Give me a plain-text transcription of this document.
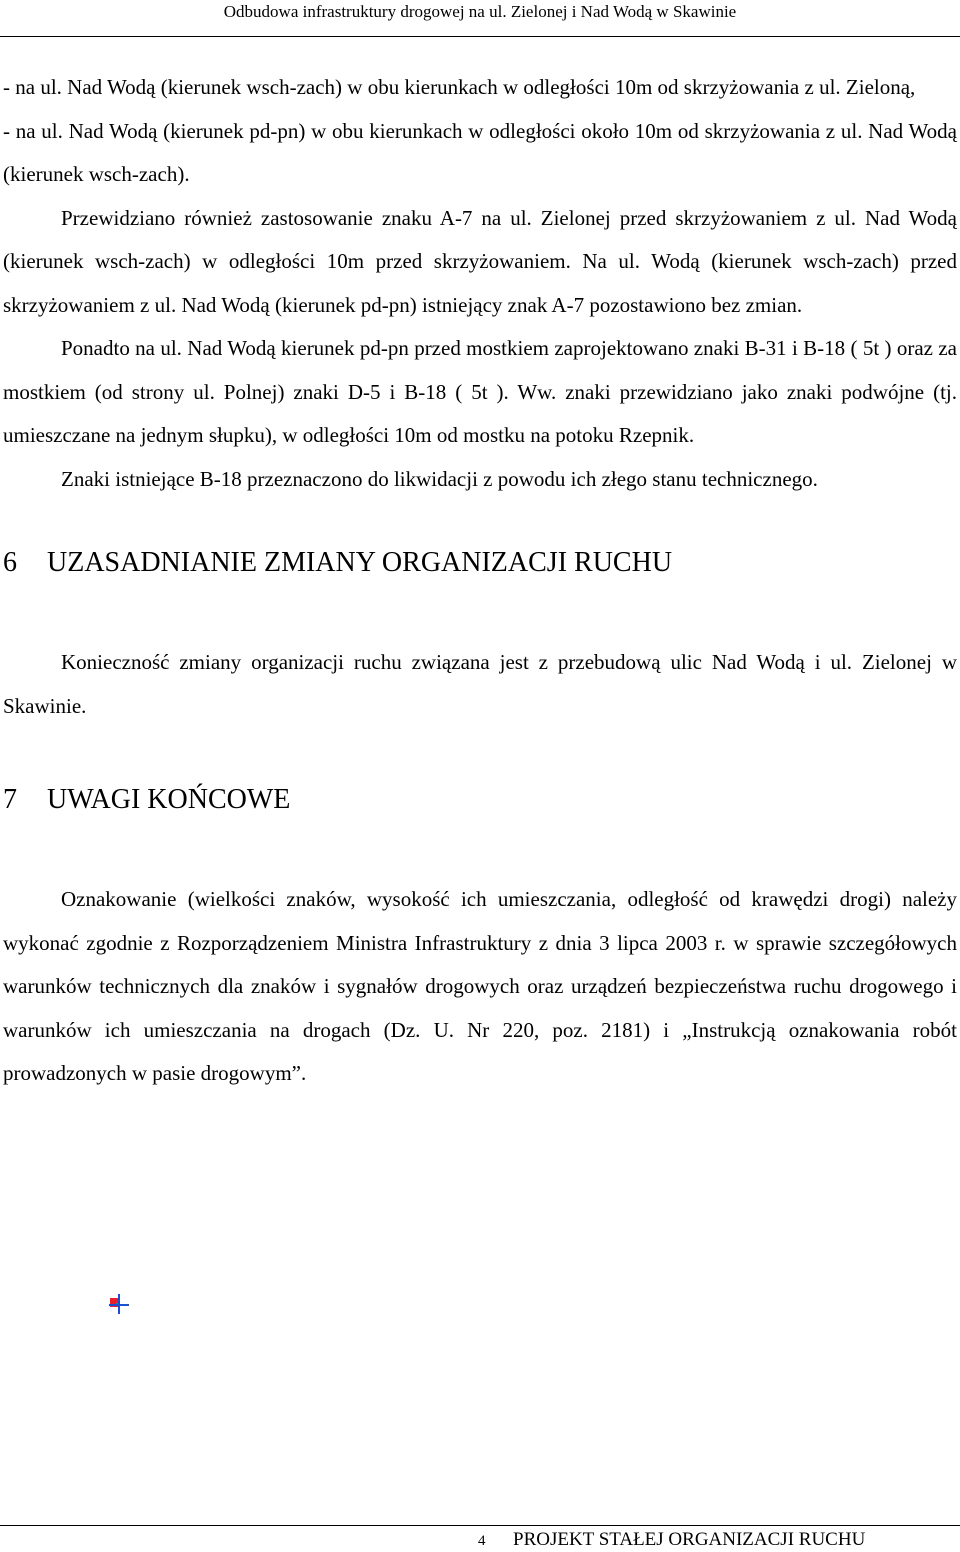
Odbudowa infrastruktury drogowej na ul. Zielonej i Nad Wodą w Skawinie

- na ul. Nad Wodą (kierunek wsch-zach) w obu kierunkach w odległości 10m od skrzyżowania z ul. Zieloną,

- na ul. Nad Wodą (kierunek pd-pn) w obu kierunkach w odległości około 10m od skrzyżowania z ul. Nad Wodą (kierunek wsch-zach).

Przewidziano również zastosowanie znaku A-7 na ul. Zielonej przed skrzyżowaniem z ul. Nad Wodą (kierunek wsch-zach) w odległości 10m przed skrzyżowaniem. Na ul. Wodą (kierunek wsch-zach) przed skrzyżowaniem z ul. Nad Wodą (kierunek pd-pn) istniejący znak A-7 pozostawiono bez zmian.

Ponadto na ul. Nad Wodą kierunek pd-pn przed mostkiem zaprojektowano znaki B-31 i B-18 ( 5t ) oraz za mostkiem (od strony ul. Polnej) znaki D-5 i B-18 ( 5t ). Ww. znaki przewidziano jako znaki podwójne (tj. umieszczane na jednym słupku), w odległości 10m od mostku na potoku Rzepnik.

Znaki istniejące B-18 przeznaczono do likwidacji z powodu ich złego stanu technicznego.

6	UZASADNIANIE ZMIANY ORGANIZACJI RUCHU

Konieczność zmiany organizacji ruchu związana jest z przebudową ulic Nad Wodą i ul. Zielonej w Skawinie.

7	UWAGI KOŃCOWE

Oznakowanie (wielkości znaków, wysokość ich umieszczania, odległość od krawędzi drogi) należy wykonać zgodnie z Rozporządzeniem Ministra Infrastruktury z dnia 3 lipca 2003 r. w sprawie szczegółowych warunków technicznych dla znaków i sygnałów drogowych oraz urządzeń bezpieczeństwa ruchu drogowego i warunków ich umieszczania na drogach (Dz. U. Nr 220, poz. 2181) i „Instrukcją oznakowania robót prowadzonych w pasie drogowym”.

4 PROJEKT STAŁEJ ORGANIZACJI RUCHU
